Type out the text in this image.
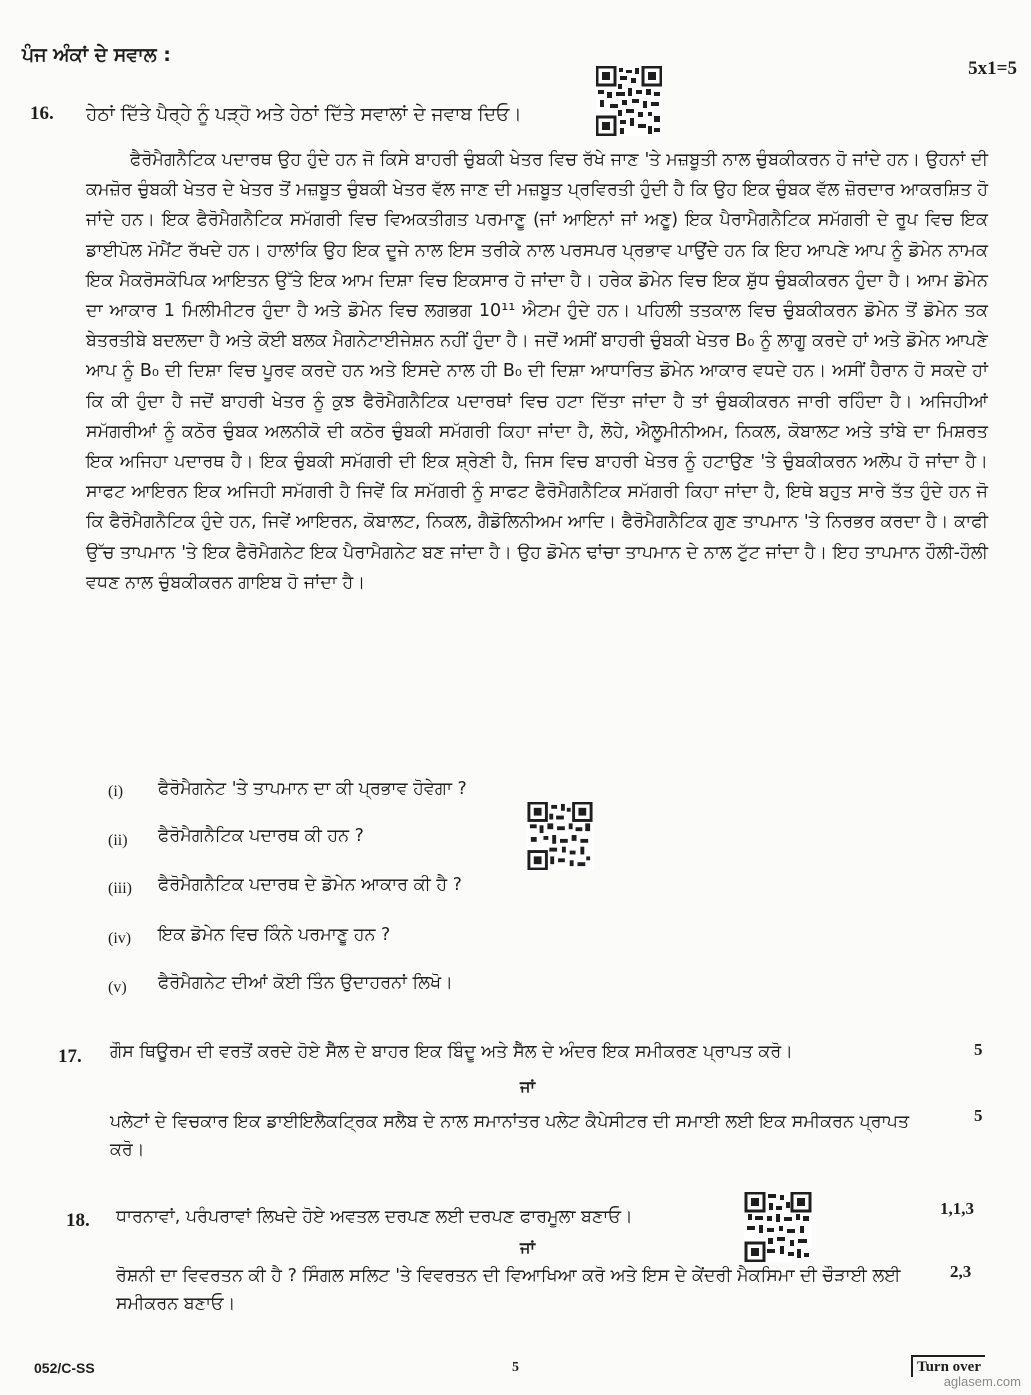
ਪੰਜ ਅੰਕਾਂ ਦੇ ਸਵਾਲ :
5x1=5
16. ਹੇਠਾਂ ਦਿੱਤੇ ਪੈਰ੍ਹੇ ਨੂੰ ਪੜ੍ਹੋ ਅਤੇ ਹੇਠਾਂ ਦਿੱਤੇ ਸਵਾਲਾਂ ਦੇ ਜਵਾਬ ਦਿਓ।

ਫੈਰੋਮੈਗਨੈਟਿਕ ਪਦਾਰਥ ਉਹ ਹੁੰਦੇ ਹਨ ਜੋ ਕਿਸੇ ਬਾਹਰੀ ਚੁੰਬਕੀ ਖੇਤਰ ਵਿਚ ਰੱਖੇ ਜਾਣ 'ਤੇ ਮਜ਼ਬੂਤੀ ਨਾਲ ਚੁੰਬਕੀਕਰਨ ਹੋ ਜਾਂਦੇ ਹਨ। ਉਹਨਾਂ ਦੀ ਕਮਜ਼ੋਰ ਚੁੰਬਕੀ ਖੇਤਰ ਦੇ ਖੇਤਰ ਤੋਂ ਮਜ਼ਬੂਤ ਚੁੰਬਕੀ ਖੇਤਰ ਵੱਲ ਜਾਣ ਦੀ ਮਜ਼ਬੂਤ ਪ੍ਰਵਿਰਤੀ ਹੁੰਦੀ ਹੈ ਕਿ ਉਹ ਇਕ ਚੁੰਬਕ ਵੱਲ ਜ਼ੋਰਦਾਰ ਆਕਰਸ਼ਿਤ ਹੋ ਜਾਂਦੇ ਹਨ। ਇਕ ਫੈਰੋਮੈਗਨੈਟਿਕ ਸਮੱਗਰੀ ਵਿਚ ਵਿਅਕਤੀਗਤ ਪਰਮਾਣੂ (ਜਾਂ ਆਇਨਾਂ ਜਾਂ ਅਣੂ) ਇਕ ਪੈਰਾਮੈਗਨੈਟਿਕ ਸਮੱਗਰੀ ਦੇ ਰੂਪ ਵਿਚ ਇਕ ਡਾਈਪੋਲ ਮੋਮੈਂਟ ਰੱਖਦੇ ਹਨ। ਹਾਲਾਂਕਿ ਉਹ ਇਕ ਦੂਜੇ ਨਾਲ ਇਸ ਤਰੀਕੇ ਨਾਲ ਪਰਸਪਰ ਪ੍ਰਭਾਵ ਪਾਉਂਦੇ ਹਨ ਕਿ ਇਹ ਆਪਣੇ ਆਪ ਨੂੰ ਡੋਮੇਨ ਨਾਮਕ ਇਕ ਮੈਕਰੋਸਕੋਪਿਕ ਆਇਤਨ ਉੱਤੇ ਇਕ ਆਮ ਦਿਸ਼ਾ ਵਿਚ ਇਕਸਾਰ ਹੋ ਜਾਂਦਾ ਹੈ। ਹਰੇਕ ਡੋਮੇਨ ਵਿਚ ਇਕ ਸ਼ੁੱਧ ਚੁੰਬਕੀਕਰਨ ਹੁੰਦਾ ਹੈ। ਆਮ ਡੋਮੇਨ ਦਾ ਆਕਾਰ 1 ਮਿਲੀਮੀਟਰ ਹੁੰਦਾ ਹੈ ਅਤੇ ਡੋਮੇਨ ਵਿਚ ਲਗਭਗ 10¹¹ ਐਟਮ ਹੁੰਦੇ ਹਨ। ਪਹਿਲੀ ਤਤਕਾਲ ਵਿਚ ਚੁੰਬਕੀਕਰਨ ਡੋਮੇਨ ਤੋਂ ਡੋਮੇਨ ਤਕ ਬੇਤਰਤੀਬੇ ਬਦਲਦਾ ਹੈ ਅਤੇ ਕੋਈ ਬਲਕ ਮੈਗਨੇਟਾਈਜੇਸ਼ਨ ਨਹੀਂ ਹੁੰਦਾ ਹੈ। ਜਦੋਂ ਅਸੀਂ ਬਾਹਰੀ ਚੁੰਬਕੀ ਖੇਤਰ B₀ ਨੂੰ ਲਾਗੂ ਕਰਦੇ ਹਾਂ ਅਤੇ ਡੋਮੇਨ ਆਪਣੇ ਆਪ ਨੂੰ B₀ ਦੀ ਦਿਸ਼ਾ ਵਿਚ ਪੂਰਵ ਕਰਦੇ ਹਨ ਅਤੇ ਇਸਦੇ ਨਾਲ ਹੀ B₀ ਦੀ ਦਿਸ਼ਾ ਆਧਾਰਿਤ ਡੋਮੇਨ ਆਕਾਰ ਵਧਦੇ ਹਨ। ਅਸੀਂ ਹੈਰਾਨ ਹੋ ਸਕਦੇ ਹਾਂ ਕਿ ਕੀ ਹੁੰਦਾ ਹੈ ਜਦੋਂ ਬਾਹਰੀ ਖੇਤਰ ਨੂੰ ਕੁਝ ਫੈਰੋਮੈਗਨੈਟਿਕ ਪਦਾਰਥਾਂ ਵਿਚ ਹਟਾ ਦਿੱਤਾ ਜਾਂਦਾ ਹੈ ਤਾਂ ਚੁੰਬਕੀਕਰਨ ਜਾਰੀ ਰਹਿੰਦਾ ਹੈ। ਅਜਿਹੀਆਂ ਸਮੱਗਰੀਆਂ ਨੂੰ ਕਠੋਰ ਚੁੰਬਕ ਅਲਨੀਕੋ ਦੀ ਕਠੋਰ ਚੁੰਬਕੀ ਸਮੱਗਰੀ ਕਿਹਾ ਜਾਂਦਾ ਹੈ, ਲੋਹੇ, ਐਲੂਮੀਨੀਅਮ, ਨਿਕਲ, ਕੋਬਾਲਟ ਅਤੇ ਤਾਂਬੇ ਦਾ ਮਿਸ਼ਰਤ ਇਕ ਅਜਿਹਾ ਪਦਾਰਥ ਹੈ। ਇਕ ਚੁੰਬਕੀ ਸਮੱਗਰੀ ਦੀ ਇਕ ਸ਼੍ਰੇਣੀ ਹੈ, ਜਿਸ ਵਿਚ ਬਾਹਰੀ ਖੇਤਰ ਨੂੰ ਹਟਾਉਣ 'ਤੇ ਚੁੰਬਕੀਕਰਨ ਅਲੋਪ ਹੋ ਜਾਂਦਾ ਹੈ। ਸਾਫਟ ਆਇਰਨ ਇਕ ਅਜਿਹੀ ਸਮੱਗਰੀ ਹੈ ਜਿਵੇਂ ਕਿ ਸਮੱਗਰੀ ਨੂੰ ਸਾਫਟ ਫੈਰੋਮੈਗਨੈਟਿਕ ਸਮੱਗਰੀ ਕਿਹਾ ਜਾਂਦਾ ਹੈ, ਇਥੇ ਬਹੁਤ ਸਾਰੇ ਤੱਤ ਹੁੰਦੇ ਹਨ ਜੋ ਕਿ ਫੈਰੋਮੈਗਨੈਟਿਕ ਹੁੰਦੇ ਹਨ, ਜਿਵੇਂ ਆਇਰਨ, ਕੋਬਾਲਟ, ਨਿਕਲ, ਗੈਡੋਲਿਨੀਅਮ ਆਦਿ। ਫੈਰੋਮੈਗਨੈਟਿਕ ਗੁਣ ਤਾਪਮਾਨ 'ਤੇ ਨਿਰਭਰ ਕਰਦਾ ਹੈ। ਕਾਫੀ ਉੱਚ ਤਾਪਮਾਨ 'ਤੇ ਇਕ ਫੈਰੋਮੈਗਨੇਟ ਇਕ ਪੈਰਾਮੈਗਨੇਟ ਬਣ ਜਾਂਦਾ ਹੈ। ਉਹ ਡੋਮੇਨ ਢਾਂਚਾ ਤਾਪਮਾਨ ਦੇ ਨਾਲ ਟੁੱਟ ਜਾਂਦਾ ਹੈ। ਇਹ ਤਾਪਮਾਨ ਹੌਲੀ-ਹੌਲੀ ਵਧਣ ਨਾਲ ਚੁੰਬਕੀਕਰਨ ਗਾਇਬ ਹੋ ਜਾਂਦਾ ਹੈ।

(i) ਫੈਰੋਮੈਗਨੇਟ 'ਤੇ ਤਾਪਮਾਨ ਦਾ ਕੀ ਪ੍ਰਭਾਵ ਹੋਵੇਗਾ ?
(ii) ਫੈਰੋਮੈਗਨੈਟਿਕ ਪਦਾਰਥ ਕੀ ਹਨ ?
(iii) ਫੈਰੋਮੈਗਨੈਟਿਕ ਪਦਾਰਥ ਦੇ ਡੋਮੇਨ ਆਕਾਰ ਕੀ ਹੈ ?
(iv) ਇਕ ਡੋਮੇਨ ਵਿਚ ਕਿੰਨੇ ਪਰਮਾਣੂ ਹਨ ?
(v) ਫੈਰੋਮੈਗਨੇਟ ਦੀਆਂ ਕੋਈ ਤਿੰਨ ਉਦਾਹਰਨਾਂ ਲਿਖੋ।
17. ਗੌਸ ਥਿਊਰਮ ਦੀ ਵਰਤੋਂ ਕਰਦੇ ਹੋਏ ਸੈੱਲ ਦੇ ਬਾਹਰ ਇਕ ਬਿੰਦੂ ਅਤੇ ਸੈੱਲ ਦੇ ਅੰਦਰ ਇਕ ਸਮੀਕਰਣ ਪ੍ਰਾਪਤ ਕਰੋ।	5
ਜਾਂ

ਪਲੇਟਾਂ ਦੇ ਵਿਚਕਾਰ ਇਕ ਡਾਈਇਲੈਕਟ੍ਰਿਕ ਸਲੈਬ ਦੇ ਨਾਲ ਸਮਾਨਾਂਤਰ ਪਲੇਟ ਕੈਪੇਸੀਟਰ ਦੀ ਸਮਾਈ ਲਈ ਇਕ ਸਮੀਕਰਨ ਪ੍ਰਾਪਤ ਕਰੋ।

5
18. ਧਾਰਨਾਵਾਂ, ਪਰੰਪਰਾਵਾਂ ਲਿਖਦੇ ਹੋਏ ਅਵਤਲ ਦਰਪਣ ਲਈ ਦਰਪਣ ਫਾਰਮੂਲਾ ਬਣਾਓ।	1,1,3
ਜਾਂ

ਰੋਸ਼ਨੀ ਦਾ ਵਿਵਰਤਨ ਕੀ ਹੈ ? ਸਿੰਗਲ ਸਲਿਟ 'ਤੇ ਵਿਵਰਤਨ ਦੀ ਵਿਆਖਿਆ ਕਰੋ ਅਤੇ ਇਸ ਦੇ ਕੇਂਦਰੀ ਮੈਕਸਿਮਾ ਦੀ ਚੌੜਾਈ ਲਈ ਸਮੀਕਰਨ ਬਣਾਓ।

2,3
052/C-SS	5	Turn over
aglasem.com
